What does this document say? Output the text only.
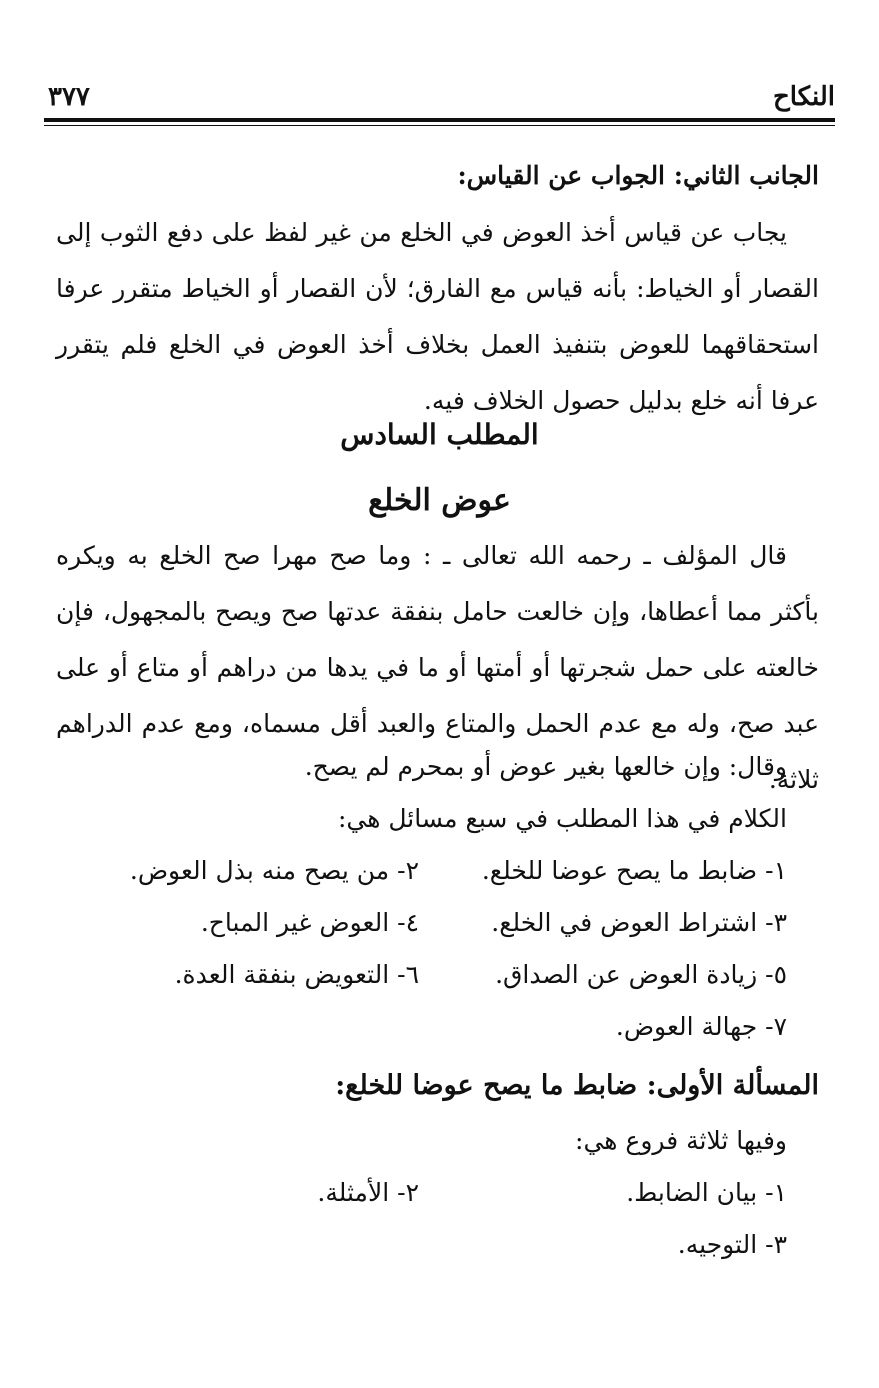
النكاح
٣٧٧
الجانب الثاني: الجواب عن القياس:
يجاب عن قياس أخذ العوض في الخلع من غير لفظ على دفع الثوب إلى القصار أو الخياط: بأنه قياس مع الفارق؛ لأن القصار أو الخياط متقرر عرفا استحقاقهما للعوض بتنفيذ العمل بخلاف أخذ العوض في الخلع فلم يتقرر عرفا أنه خلع بدليل حصول الخلاف فيه.
المطلب السادس
عوض الخلع
قال المؤلف ـ رحمه الله تعالى ـ : وما صح مهرا صح الخلع به ويكره بأكثر مما أعطاها، وإن خالعت حامل بنفقة عدتها صح ويصح بالمجهول، فإن خالعته على حمل شجرتها أو أمتها أو ما في يدها من دراهم أو متاع أو على عبد صح، وله مع عدم الحمل والمتاع والعبد أقل مسماه، ومع عدم الدراهم ثلاثة.
وقال: وإن خالعها بغير عوض أو بمحرم لم يصح.
الكلام في هذا المطلب في سبع مسائل هي:
١- ضابط ما يصح عوضا للخلع.
٢- من يصح منه بذل العوض.
٣- اشتراط العوض في الخلع.
٤- العوض غير المباح.
٥- زيادة العوض عن الصداق.
٦- التعويض بنفقة العدة.
٧- جهالة العوض.
المسألة الأولى: ضابط ما يصح عوضا للخلع:
وفيها ثلاثة فروع هي:
١- بيان الضابط.
٢- الأمثلة.
٣- التوجيه.
